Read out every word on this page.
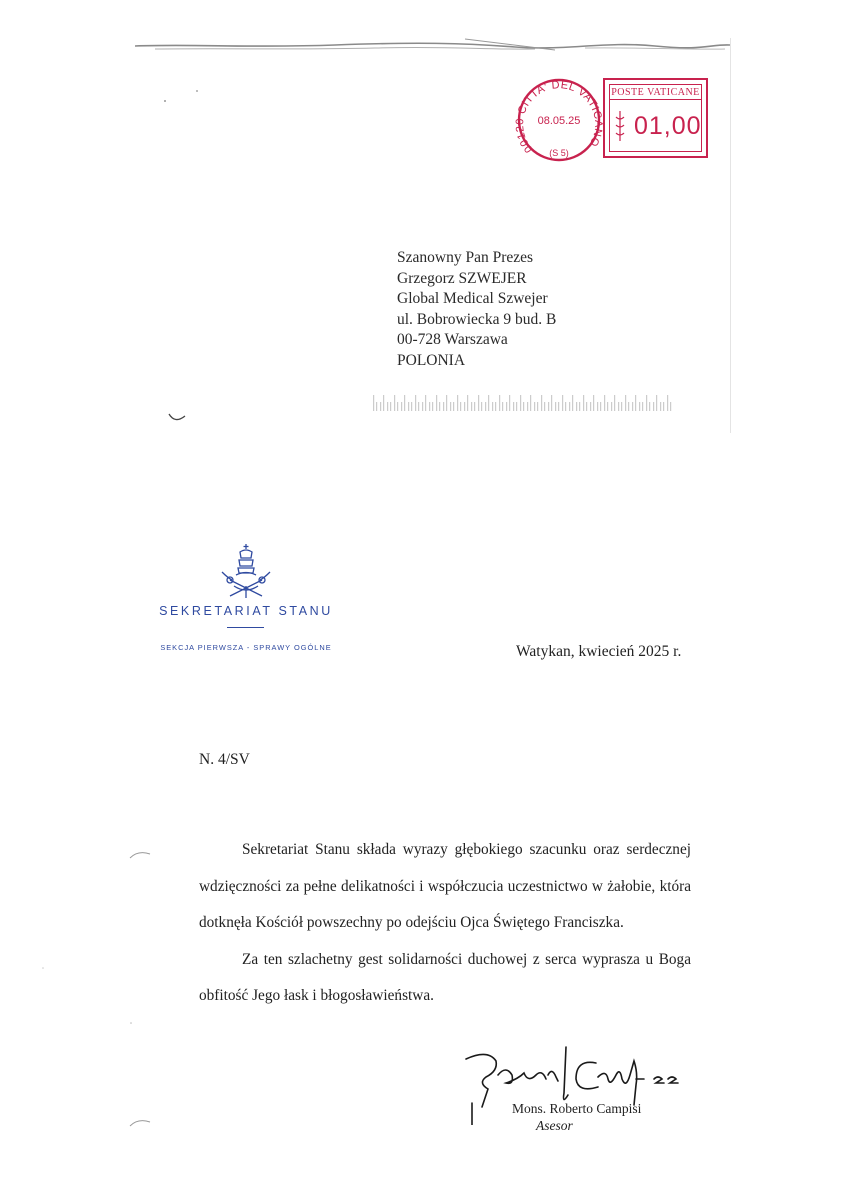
00120 CITTA' DEL VATICANO
08.05.25
(S 5)
POSTE VATICANE
01,00
Szanowny Pan Prezes
Grzegorz SZWEJER
Global Medical Szwejer
ul. Bobrowiecka 9 bud. B
00-728 Warszawa
POLONIA
SEKRETARIAT STANU
SEKCJA PIERWSZA - SPRAWY OGÓLNE	Watykan, kwiecień 2025 r.
N. 4/SV

Sekretariat Stanu składa wyrazy głębokiego szacunku oraz serdecznej wdzięczności za pełne delikatności i współczucia uczestnictwo w żałobie, która dotknęła Kościół powszechny po odejściu Ojca Świętego Franciszka.

Za ten szlachetny gest solidarności duchowej z serca wyprasza u Boga obfitość Jego łask i błogosławieństwa.

Mons. Roberto Campisi
Asesor
